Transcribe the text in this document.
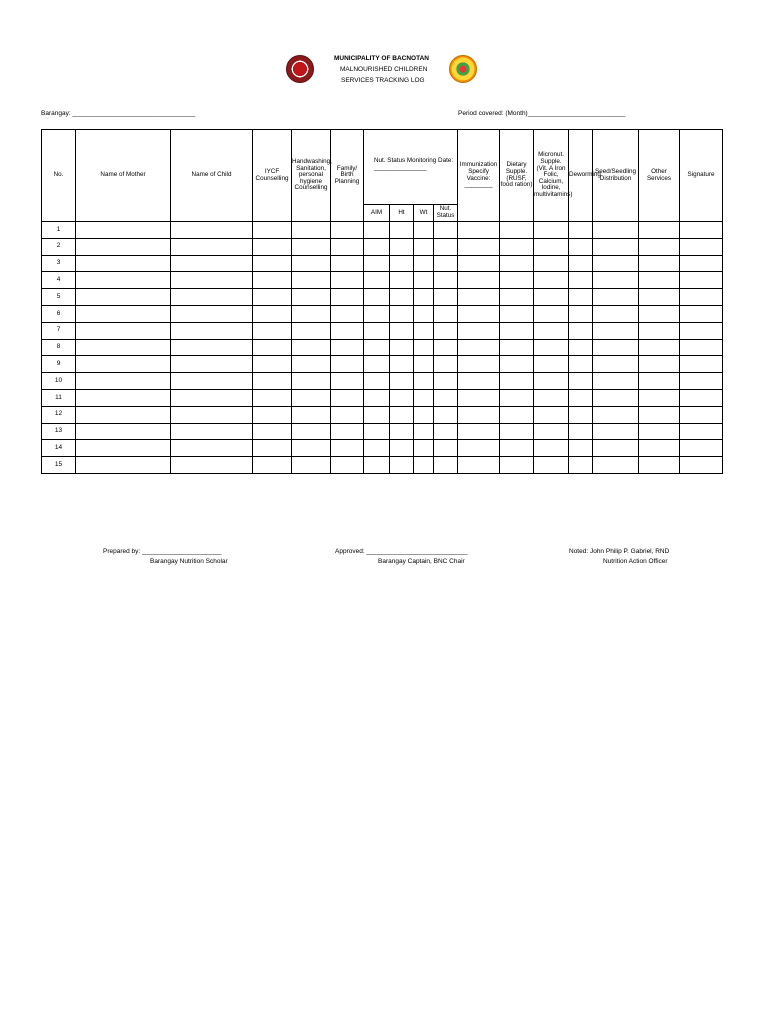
MUNICIPALITY OF BACNOTAN
MALNOURISHED CHILDREN
SERVICES TRACKING LOG
Barangay: __________________________________	Period covered: (Month)___________________________
No.	Name of Mother	Name of Child	IYCF Counselling	Handwashing, Sanitation, personal hygiene Counselling	Family/ Birth Planning	Nut. Status Monitoring Date: _______________				Immunization Specify Vaccine: ________	Dietary Supple. (RUSF, food ration)	Micronut. Supple. (Vit. A Iron Folic, Calcium, Iodine, multivitamins)	Deworming	Seed/Seedling Distribution	Other Services	Signature
						AIM	Ht	Wt	Nut. Status							
1																
2																
3																
4																
5																
6																
7																
8																
9																
10																
11																
12																
13																
14																
15																
Prepared by: ______________________
Barangay Nutrition Scholar
Approved: ____________________________
Barangay Captain, BNC Chair
Noted: John Philip P. Gabriel, RND
Nutrition Action Officer
